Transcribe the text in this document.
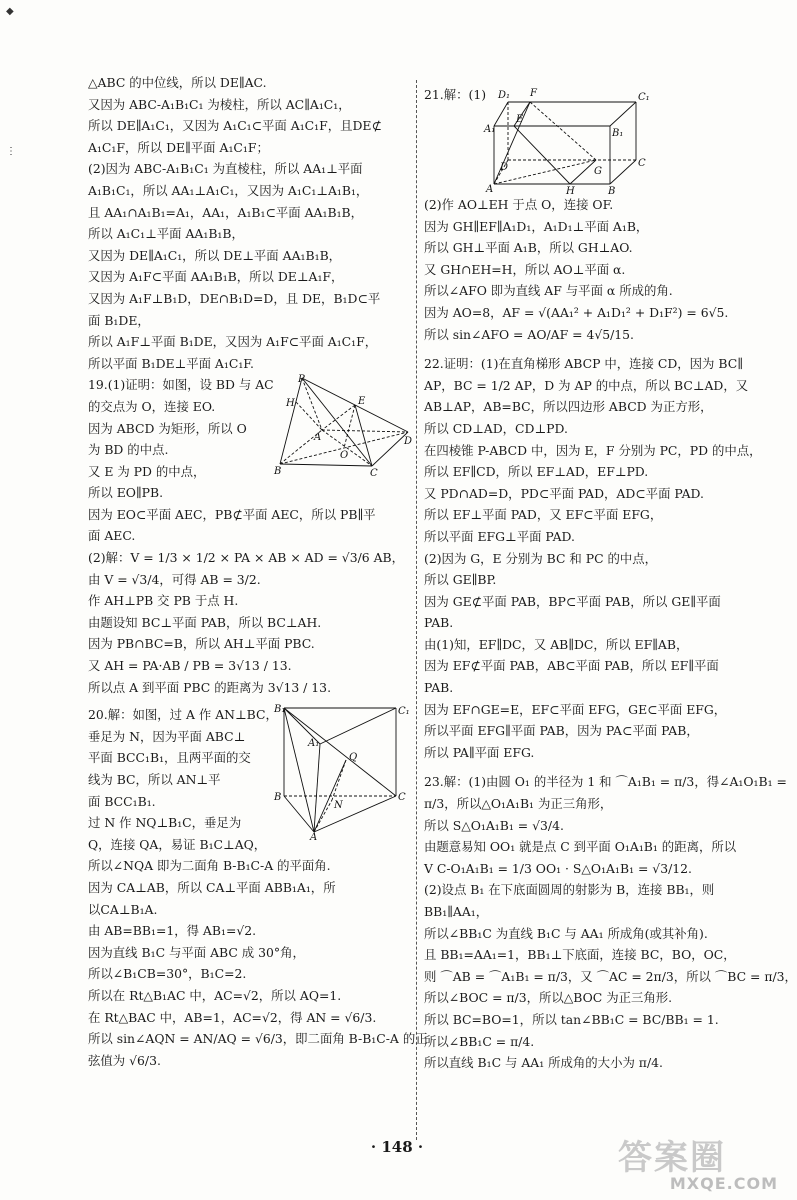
◆
⋮
△ABC 的中位线，所以 DE∥AC.
又因为 ABC-A₁B₁C₁ 为棱柱，所以 AC∥A₁C₁，
所以 DE∥A₁C₁，又因为 A₁C₁⊂平面 A₁C₁F，且DE⊄
A₁C₁F，所以 DE∥平面 A₁C₁F；
(2)因为 ABC-A₁B₁C₁ 为直棱柱，所以 AA₁⊥平面
A₁B₁C₁，所以 AA₁⊥A₁C₁，又因为 A₁C₁⊥A₁B₁，
且 AA₁∩A₁B₁=A₁，AA₁，A₁B₁⊂平面 AA₁B₁B，
所以 A₁C₁⊥平面 AA₁B₁B，
又因为 DE∥A₁C₁，所以 DE⊥平面 AA₁B₁B，
又因为 A₁F⊂平面 AA₁B₁B，所以 DE⊥A₁F，
又因为 A₁F⊥B₁D，DE∩B₁D=D，且 DE，B₁D⊂平
面 B₁DE，
所以 A₁F⊥平面 B₁DE，又因为 A₁F⊂平面 A₁C₁F，
所以平面 B₁DE⊥平面 A₁C₁F.
19.(1)证明：如图，设 BD 与 AC
的交点为 O，连接 EO.
因为 ABCD 为矩形，所以 O
为 BD 的中点.
又 E 为 PD 的中点，
所以 EO∥PB.
P
H	E
A
O
D
B	C
因为 EO⊂平面 AEC，PB⊄平面 AEC，所以 PB∥平
面 AEC.
(2)解：V = 1/3 × 1/2 × PA × AB × AD = √3/6 AB，
由 V = √3/4，可得 AB = 3/2.
作 AH⊥PB 交 PB 于点 H.
由题设知 BC⊥平面 PAB，所以 BC⊥AH.
因为 PB∩BC=B，所以 AH⊥平面 PBC.
又 AH = PA·AB / PB = 3√13 / 13.
所以点 A 到平面 PBC 的距离为 3√13 / 13.
20.解：如图，过 A 作 AN⊥BC，
垂足为 N，因为平面 ABC⊥
平面 BCC₁B₁，且两平面的交
线为 BC，所以 AN⊥平
面 BCC₁B₁.
过 N 作 NQ⊥B₁C，垂足为
Q，连接 QA，易证 B₁C⊥AQ，
所以∠NQA 即为二面角 B-B₁C-A 的平面角.
B₁	C₁
A₁
Q
B
N
C
A
因为 CA⊥AB，所以 CA⊥平面 ABB₁A₁，所
以CA⊥B₁A.
由 AB=BB₁=1，得 AB₁=√2.
因为直线 B₁C 与平面 ABC 成 30°角，
所以∠B₁CB=30°，B₁C=2.
所以在 Rt△B₁AC 中，AC=√2，所以 AQ=1.
在 Rt△BAC 中，AB=1，AC=√2，得 AN = √6/3.
所以 sin∠AQN = AN/AQ = √6/3，即二面角 B-B₁C-A 的正
弦值为 √6/3.
21.解：(1)	D₁ F	C₁
A₁
E
B₁
D	G
C
A	H	B
(2)作 AO⊥EH 于点 O，连接 OF.
因为 GH∥EF∥A₁D₁，A₁D₁⊥平面 A₁B，
所以 GH⊥平面 A₁B，所以 GH⊥AO.
又 GH∩EH=H，所以 AO⊥平面 α.
所以∠AFO 即为直线 AF 与平面 α 所成的角.
因为 AO=8，AF = √(AA₁² + A₁D₁² + D₁F²) = 6√5.
所以 sin∠AFO = AO/AF = 4√5/15.
22.证明：(1)在直角梯形 ABCP 中，连接 CD，因为 BC∥
AP，BC = 1/2 AP，D 为 AP 的中点，所以 BC⊥AD，又
AB⊥AP，AB=BC，所以四边形 ABCD 为正方形，
所以 CD⊥AD，CD⊥PD.
在四棱锥 P-ABCD 中，因为 E，F 分别为 PC，PD 的中点，
所以 EF∥CD，所以 EF⊥AD，EF⊥PD.
又 PD∩AD=D，PD⊂平面 PAD，AD⊂平面 PAD.
所以 EF⊥平面 PAD，又 EF⊂平面 EFG，
所以平面 EFG⊥平面 PAD.
(2)因为 G，E 分别为 BC 和 PC 的中点，
所以 GE∥BP.
因为 GE⊄平面 PAB，BP⊂平面 PAB，所以 GE∥平面
PAB.
由(1)知，EF∥DC，又 AB∥DC，所以 EF∥AB，
因为 EF⊄平面 PAB，AB⊂平面 PAB，所以 EF∥平面
PAB.
因为 EF∩GE=E，EF⊂平面 EFG，GE⊂平面 EFG，
所以平面 EFG∥平面 PAB，因为 PA⊂平面 PAB，
所以 PA∥平面 EFG.
23.解：(1)由圆 O₁ 的半径为 1 和 ⌒A₁B₁ = π/3，得∠A₁O₁B₁ =
π/3，所以△O₁A₁B₁ 为正三角形，
所以 S△O₁A₁B₁ = √3/4.
由题意易知 OO₁ 就是点 C 到平面 O₁A₁B₁ 的距离，所以
V C-O₁A₁B₁ = 1/3 OO₁ · S△O₁A₁B₁ = √3/12.
(2)设点 B₁ 在下底面圆周的射影为 B，连接 BB₁，则
BB₁∥AA₁，
所以∠BB₁C 为直线 B₁C 与 AA₁ 所成角(或其补角).
且 BB₁=AA₁=1，BB₁⊥下底面，连接 BC，BO，OC，
则 ⌒AB = ⌒A₁B₁ = π/3，又 ⌒AC = 2π/3，所以 ⌒BC = π/3，
所以∠BOC = π/3，所以△BOC 为正三角形.
所以 BC=BO=1，所以 tan∠BB₁C = BC/BB₁ = 1.
所以∠BB₁C = π/4.
所以直线 B₁C 与 AA₁ 所成角的大小为 π/4.
· 148 ·	答案圈
MXQE.COM
